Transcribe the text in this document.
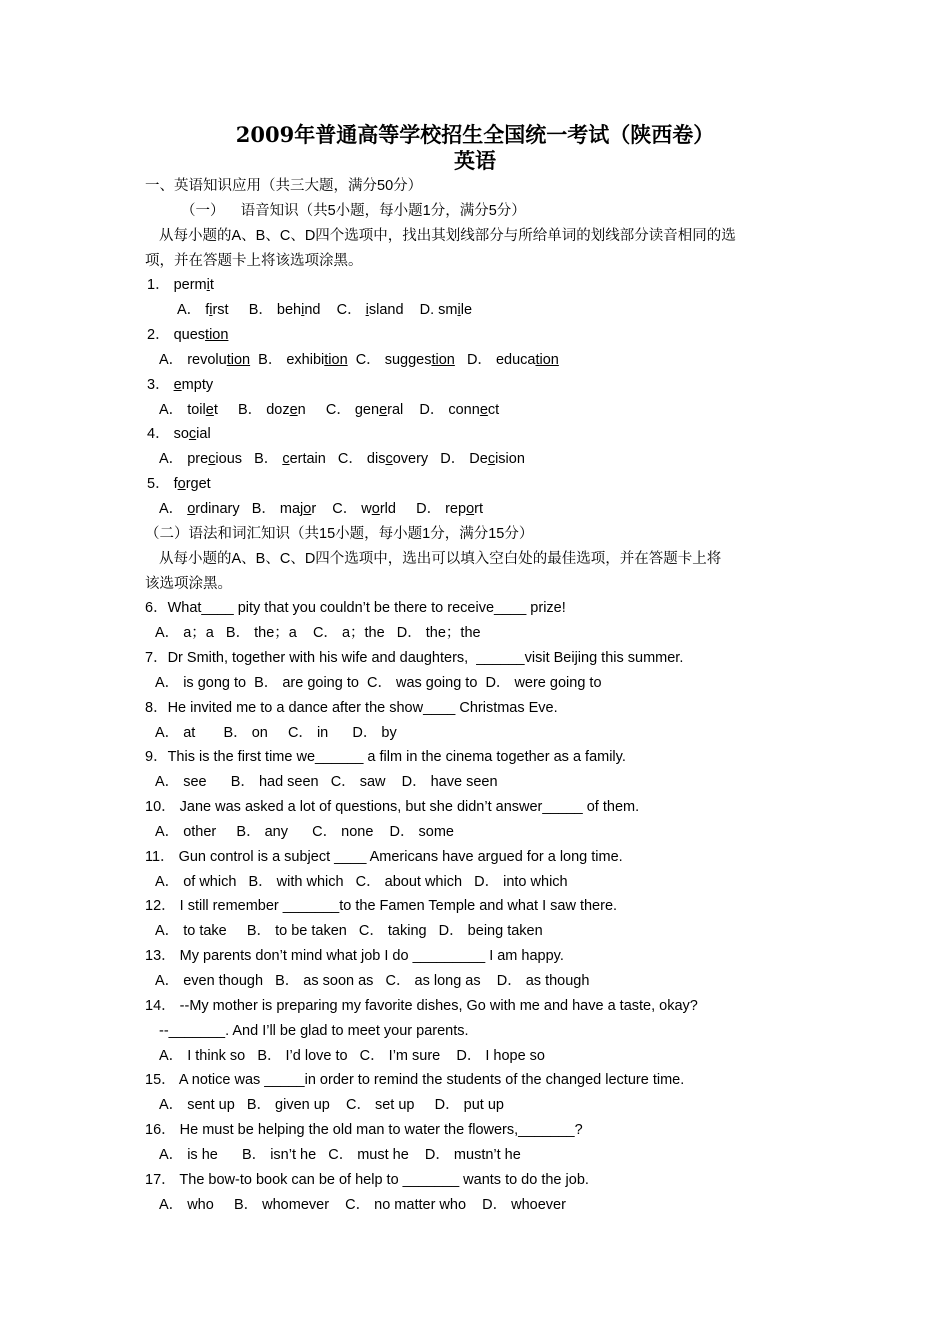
2009年普通高等学校招生全国统一考试（陕西卷）
英语
一、英语知识应用（共三大题，满分50分）
（一）    语音知识（共5小题，每小题1分，满分5分）
从每小题的A、B、C、D四个选项中，找出其划线部分与所给单词的划线部分读音相同的选
项，并在答题卡上将该选项涂黑。
1． permit
A． first     B． behind    C． island    D. smile
2． question
A． revolution  B． exhibition  C． suggestion   D． education
3． empty
A． toilet     B． dozen     C． general    D． connect
4． social
A． precious   B． certain   C． discovery   D． Decision
5． forget
A． ordinary   B． major    C． world     D． report
（二）语法和词汇知识（共15小题，每小题1分，满分15分）
从每小题的A、B、C、D四个选项中，选出可以填入空白处的最佳选项，并在答题卡上将
该选项涂黑。
6．What____ pity that you couldn’t be there to receive____ prize!
A． a；a   B． the；a    C． a；the   D． the；the
7．Dr Smith, together with his wife and daughters,  ______visit Beijing this summer.
A． is gong to  B． are going to  C． was going to  D． were going to
8．He invited me to a dance after the show____ Christmas Eve.
A． at       B． on     C． in      D． by
9．This is the first time we______ a film in the cinema together as a family.
A． see      B． had seen   C． saw    D． have seen
10． Jane was asked a lot of questions, but she didn’t answer_____ of them.
A． other     B． any      C． none    D． some
11． Gun control is a subject ____ Americans have argued for a long time.
A． of which   B． with which   C． about which   D． into which
12． I still remember _______to the Famen Temple and what I saw there.
A． to take     B． to be taken   C． taking   D． being taken
13． My parents don’t mind what job I do _________ I am happy.
A． even though   B． as soon as   C． as long as    D． as though
14． --My mother is preparing my favorite dishes, Go with me and have a taste, okay?
--_______. And I’ll be glad to meet your parents.
A． I think so   B． I’d love to   C． I’m sure    D． I hope so
15． A notice was _____in order to remind the students of the changed lecture time.
A． sent up   B． given up    C． set up     D． put up
16． He must be helping the old man to water the flowers,_______?
A． is he      B． isn’t he   C． must he    D． mustn’t he
17． The bow-to book can be of help to _______ wants to do the job.
A． who     B． whomever    C． no matter who    D． whoever
